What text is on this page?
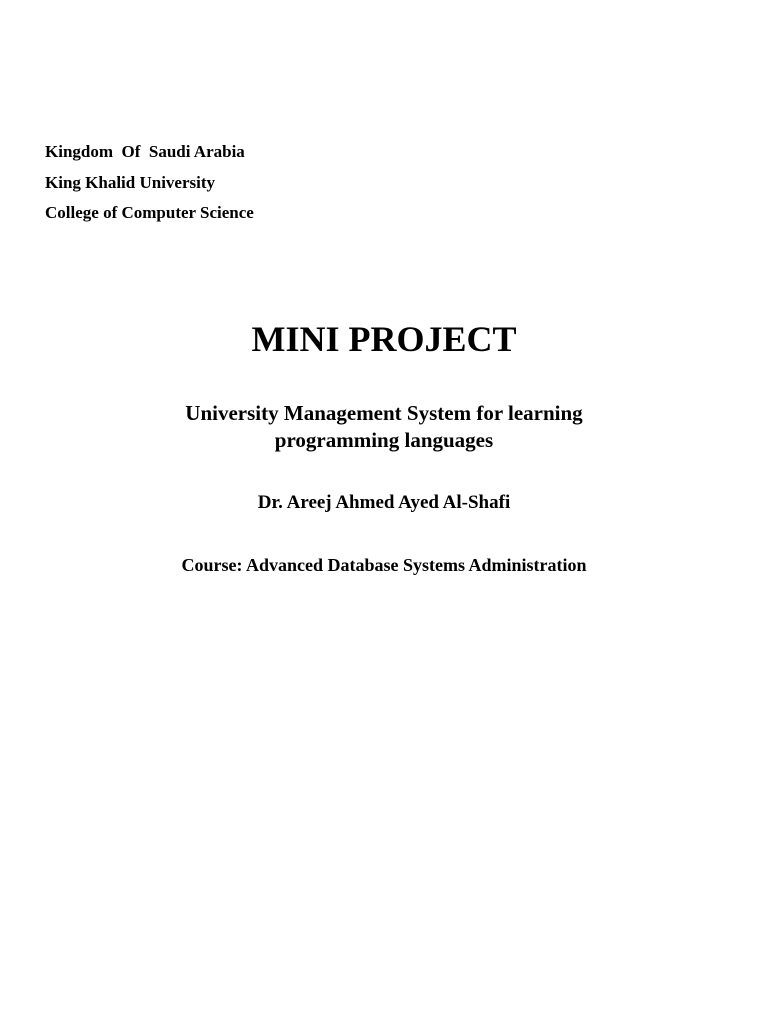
Kingdom  Of  Saudi Arabia
King Khalid University
College of Computer Science
MINI PROJECT
University Management System for learning
programming languages
Dr. Areej Ahmed Ayed Al-Shafi
Course: Advanced Database Systems Administration
